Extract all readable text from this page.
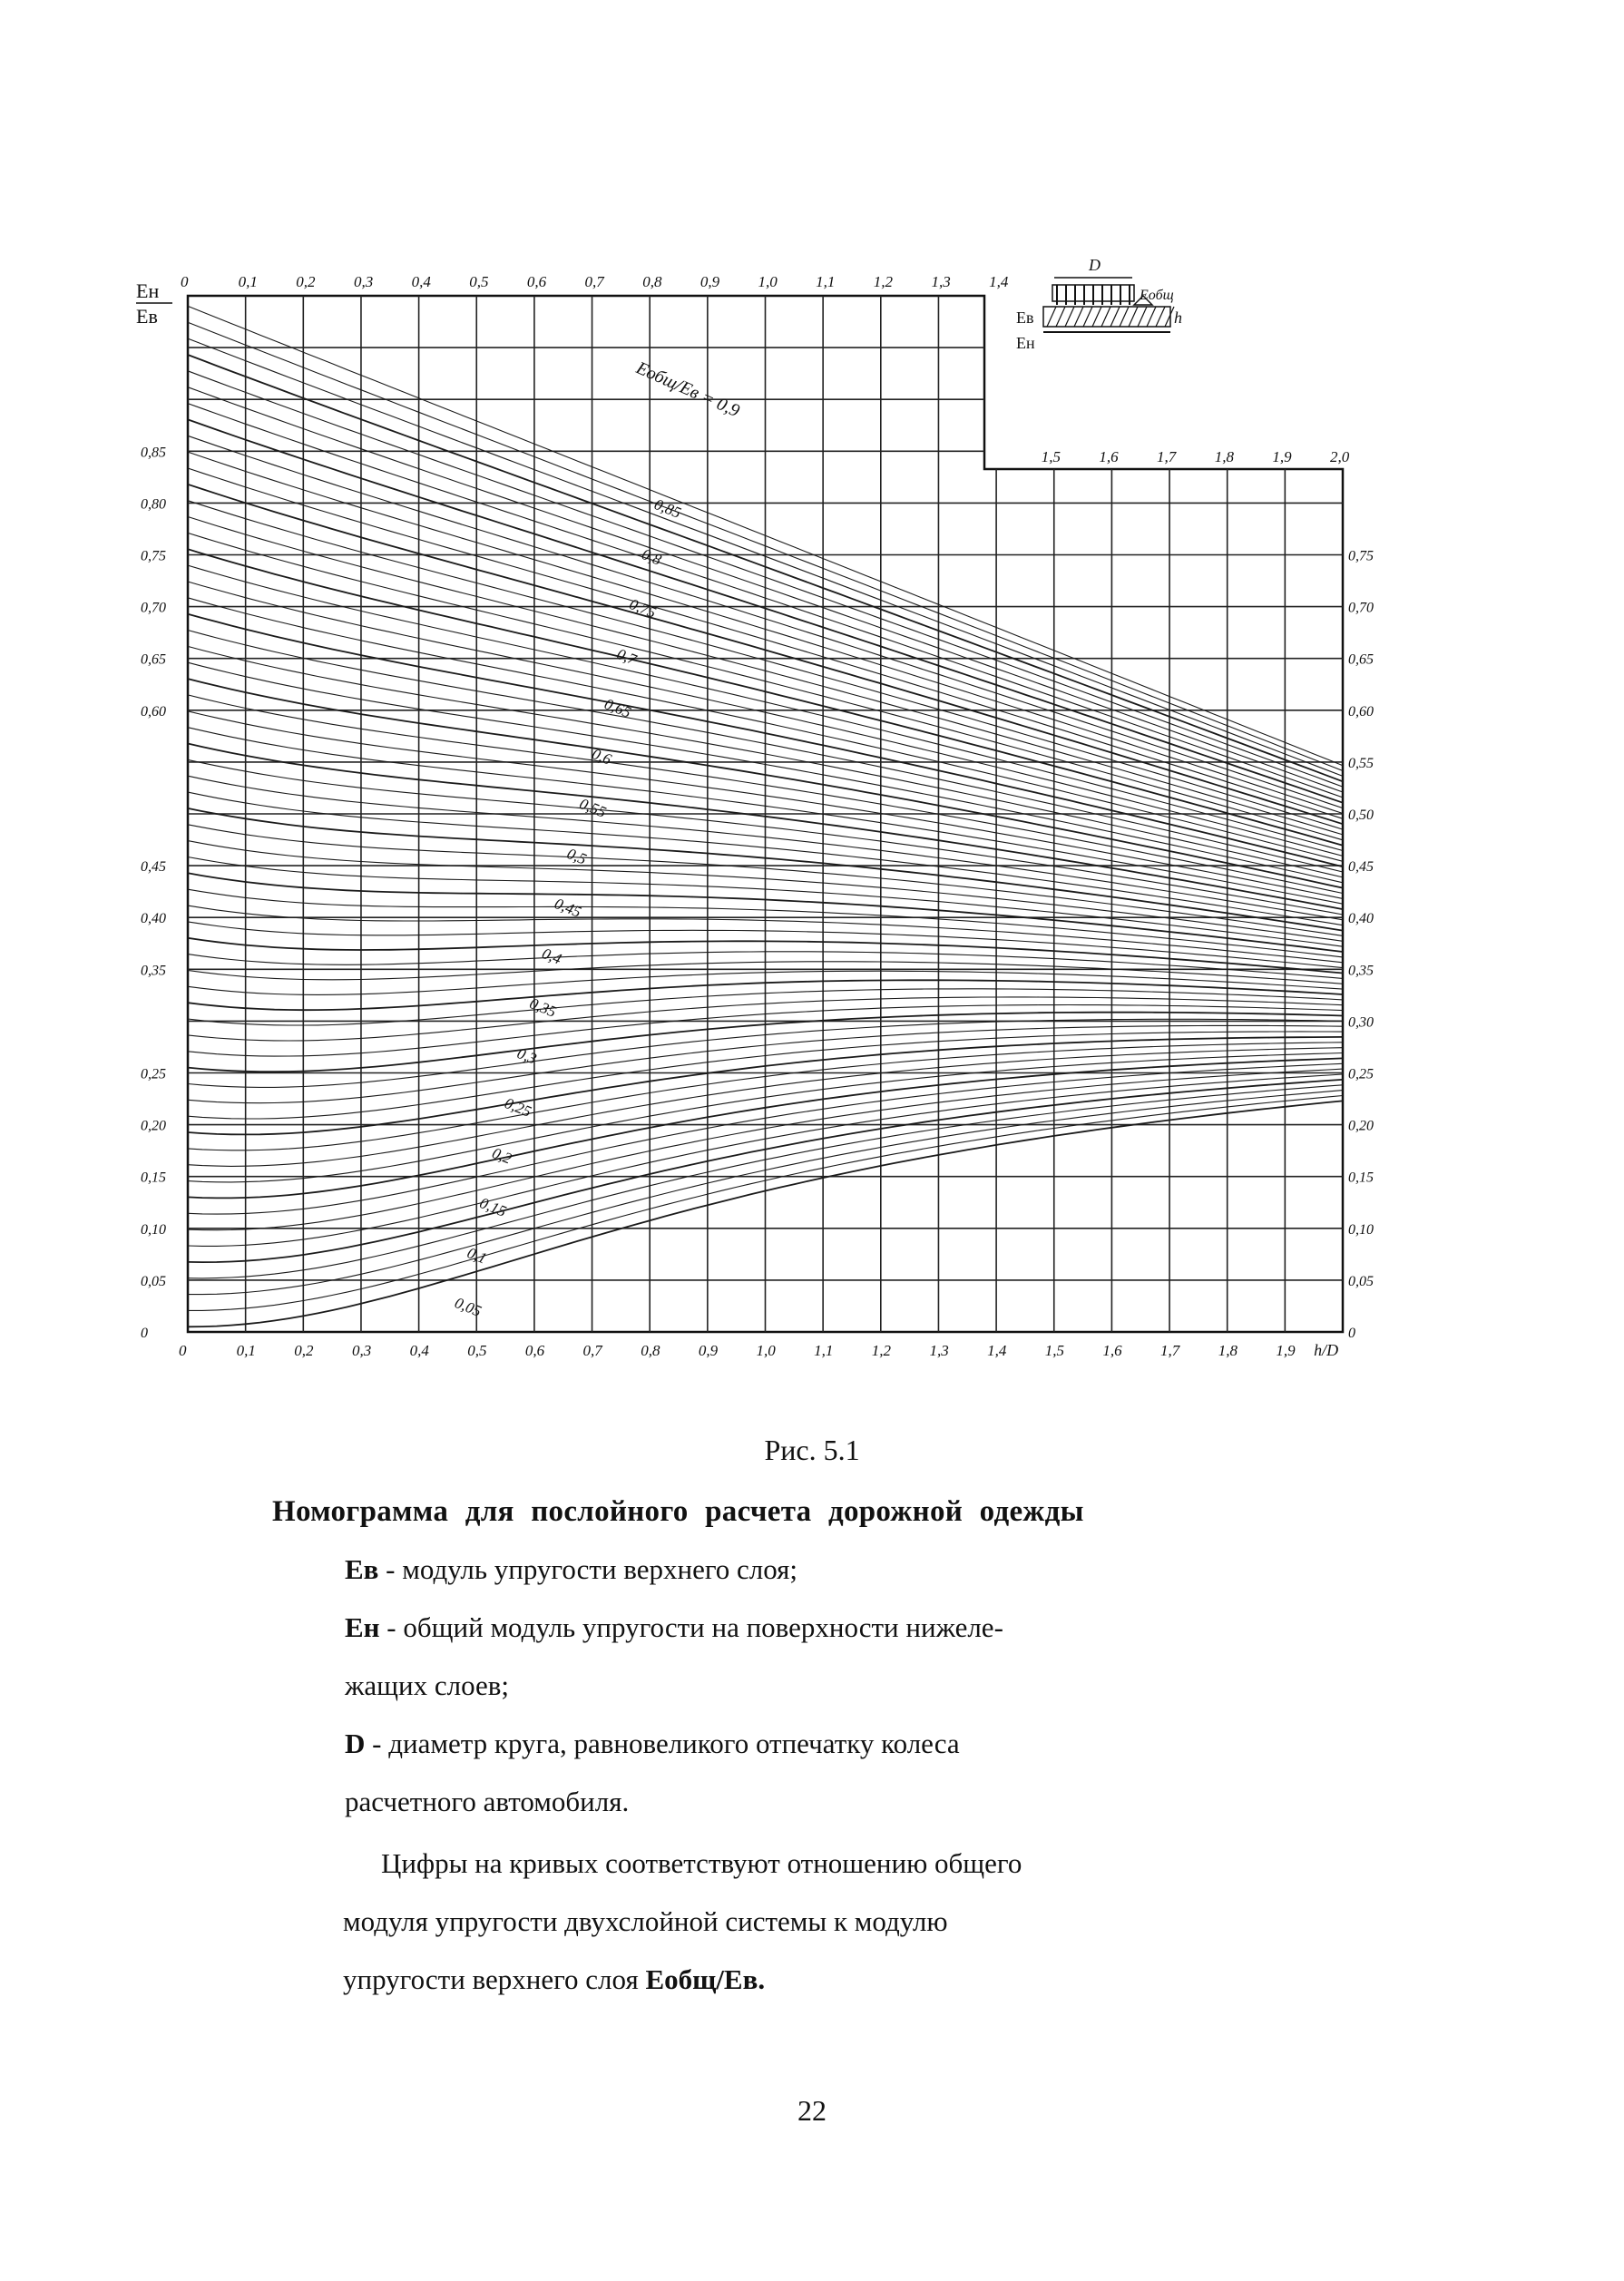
0,85
0,8
0,75
0,7
0,65
0,6
0,55
0,5
0,45
0,4
0,35
0,3
0,25
0,2
0,15
0,1
0,05
Eобщ/Eв = 0,9
0	0,1 0,2 0,3 0,4 0,5 0,6 0,7 0,8 0,9 1,0 1,1 1,2 1,3 1,4
1,5 1,6 1,7 1,8 1,9 2,0
0	0,1 0,2 0,3 0,4 0,5 0,6 0,7 0,8 0,9 1,0 1,1 1,2 1,3 1,4 1,5 1,6 1,7 1,8 1,9 h/D
0,75
0,70
0,65
0,60
0,55
0,50
0,45
0,40
0,35
0,30
0,25
0,20
0,15
0,10
0,05
0
0,85
0,80
0,75
0,70
0,65
0,60
0,45
0,40
0,35
0,25
0,20
0,15
0,10
0,05
0
Eн
Eв
D
Eобщ
Eв
Eн
h
Рис. 5.1
Номограмма для послойного расчета дорожной одежды
Eв - модуль упругости верхнего слоя;
Eн - общий модуль упругости на поверхности нижеле-
жащих слоев;
D - диаметр круга, равновеликого отпечатку колеса
расчетного автомобиля.
Цифры на кривых соответствуют отношению общего
модуля упругости двухслойной системы к модулю
упругости верхнего слоя Eобщ/Eв.
22
